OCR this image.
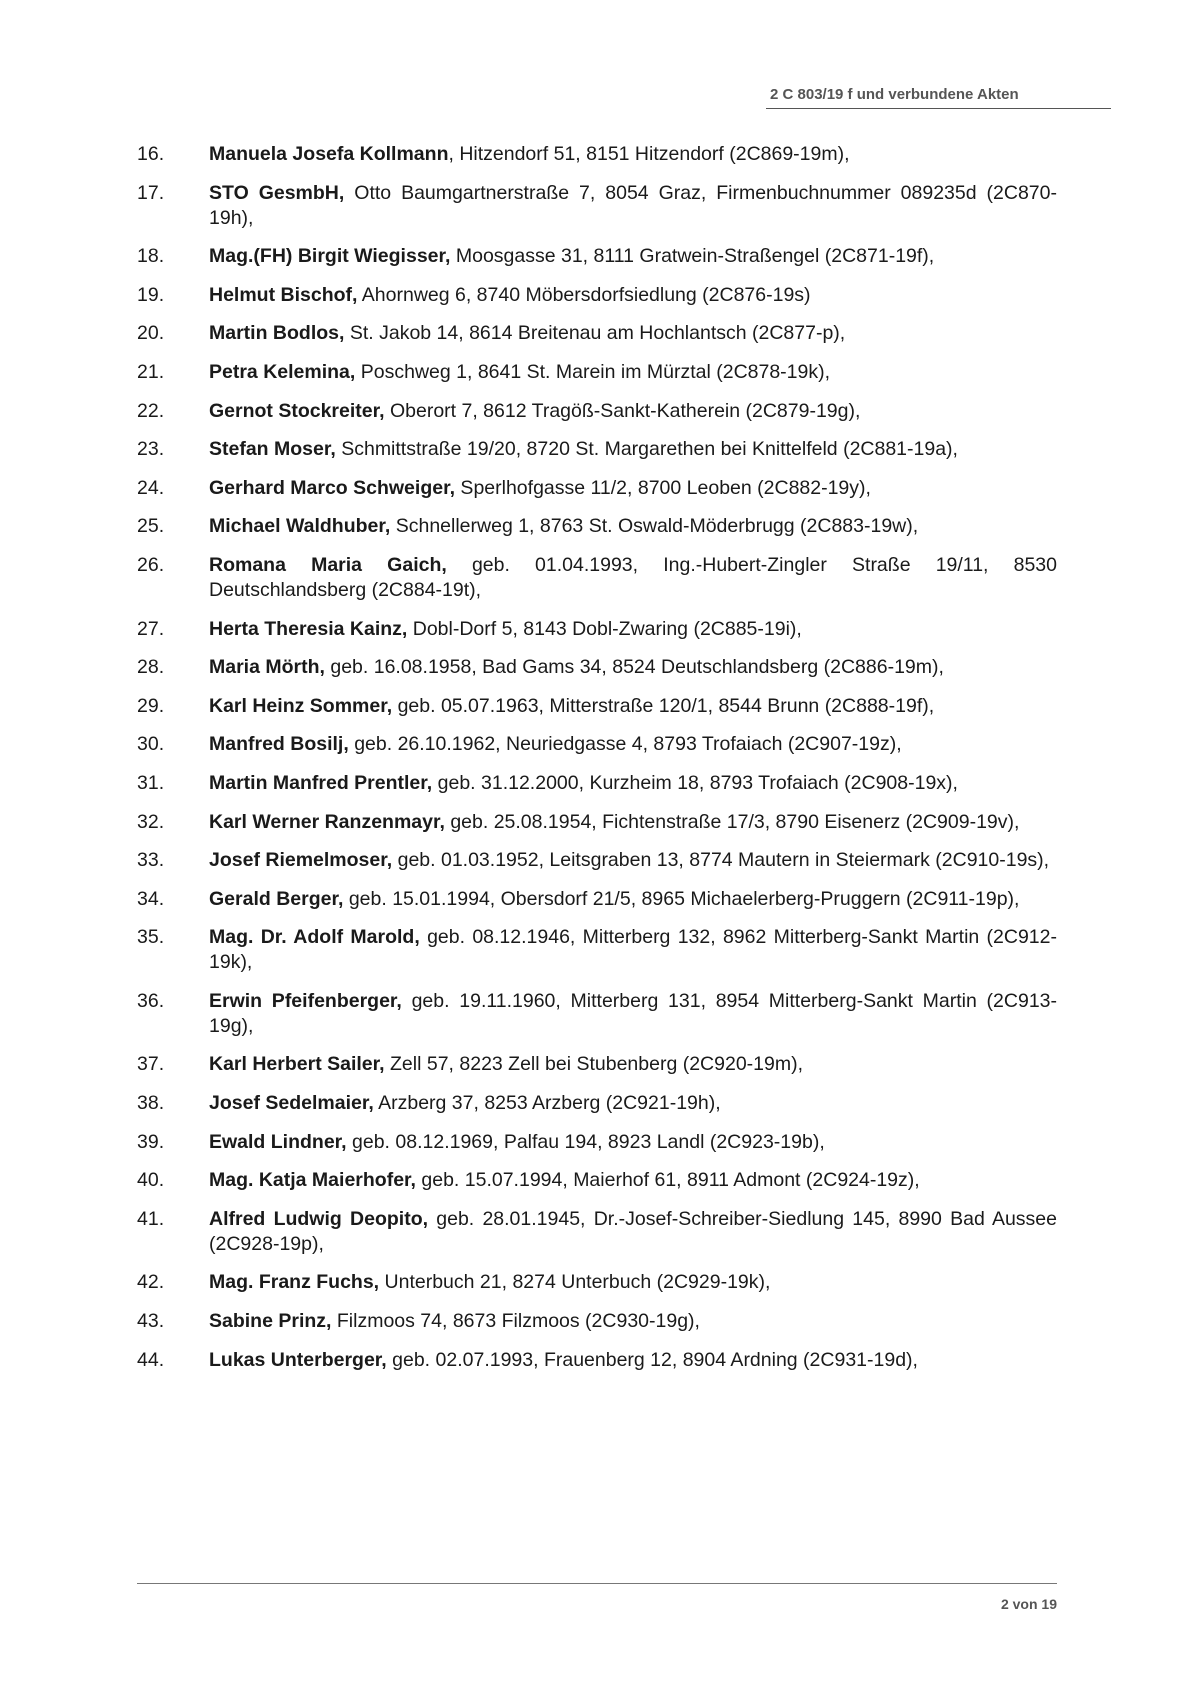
2 C 803/19 f und verbundene Akten
16.	Manuela Josefa Kollmann, Hitzendorf 51, 8151 Hitzendorf (2C869-19m),
17.	STO GesmbH, Otto Baumgartnerstraße 7, 8054 Graz, Firmenbuchnummer 089235d (2C870-19h),
18.	Mag.(FH) Birgit Wiegisser, Moosgasse 31, 8111 Gratwein-Straßengel (2C871-19f),
19.	Helmut Bischof, Ahornweg 6, 8740 Möbersdorfsiedlung (2C876-19s)
20.	Martin Bodlos, St. Jakob 14, 8614 Breitenau am Hochlantsch (2C877-p),
21.	Petra Kelemina, Poschweg 1, 8641 St. Marein im Mürztal (2C878-19k),
22.	Gernot Stockreiter, Oberort 7, 8612 Tragöß-Sankt-Katherein (2C879-19g),
23.	Stefan Moser, Schmittstraße 19/20, 8720 St. Margarethen bei Knittelfeld (2C881-19a),
24.	Gerhard Marco Schweiger, Sperlhofgasse 11/2, 8700 Leoben (2C882-19y),
25.	Michael Waldhuber, Schnellerweg 1, 8763 St. Oswald-Möderbrugg (2C883-19w),
26.	Romana Maria Gaich, geb. 01.04.1993, Ing.-Hubert-Zingler Straße 19/11, 8530 Deutschlandsberg (2C884-19t),
27.	Herta Theresia Kainz, Dobl-Dorf 5, 8143 Dobl-Zwaring (2C885-19i),
28.	Maria Mörth, geb. 16.08.1958, Bad Gams 34, 8524 Deutschlandsberg (2C886-19m),
29.	Karl Heinz Sommer, geb. 05.07.1963, Mitterstraße 120/1, 8544 Brunn (2C888-19f),
30.	Manfred Bosilj, geb. 26.10.1962, Neuriedgasse 4, 8793 Trofaiach (2C907-19z),
31.	Martin Manfred Prentler, geb. 31.12.2000, Kurzheim 18, 8793 Trofaiach (2C908-19x),
32.	Karl Werner Ranzenmayr, geb. 25.08.1954, Fichtenstraße 17/3, 8790 Eisenerz (2C909-19v),
33.	Josef Riemelmoser, geb. 01.03.1952, Leitsgraben 13, 8774 Mautern in Steiermark (2C910-19s),
34.	Gerald Berger, geb. 15.01.1994, Obersdorf 21/5, 8965 Michaelerberg-Pruggern (2C911-19p),
35.	Mag. Dr. Adolf Marold, geb. 08.12.1946, Mitterberg 132, 8962 Mitterberg-Sankt Martin (2C912-19k),
36.	Erwin Pfeifenberger, geb. 19.11.1960, Mitterberg 131, 8954 Mitterberg-Sankt Martin (2C913-19g),
37.	Karl Herbert Sailer, Zell 57, 8223 Zell bei Stubenberg (2C920-19m),
38.	Josef Sedelmaier, Arzberg 37, 8253 Arzberg (2C921-19h),
39.	Ewald Lindner, geb. 08.12.1969, Palfau 194, 8923 Landl (2C923-19b),
40.	Mag. Katja Maierhofer, geb. 15.07.1994, Maierhof 61, 8911 Admont (2C924-19z),
41.	Alfred Ludwig Deopito, geb. 28.01.1945, Dr.-Josef-Schreiber-Siedlung 145, 8990 Bad Aussee (2C928-19p),
42.	Mag. Franz Fuchs, Unterbuch 21, 8274 Unterbuch (2C929-19k),
43.	Sabine Prinz, Filzmoos 74, 8673 Filzmoos (2C930-19g),
44.	Lukas Unterberger, geb. 02.07.1993, Frauenberg 12, 8904 Ardning (2C931-19d),
2 von 19
